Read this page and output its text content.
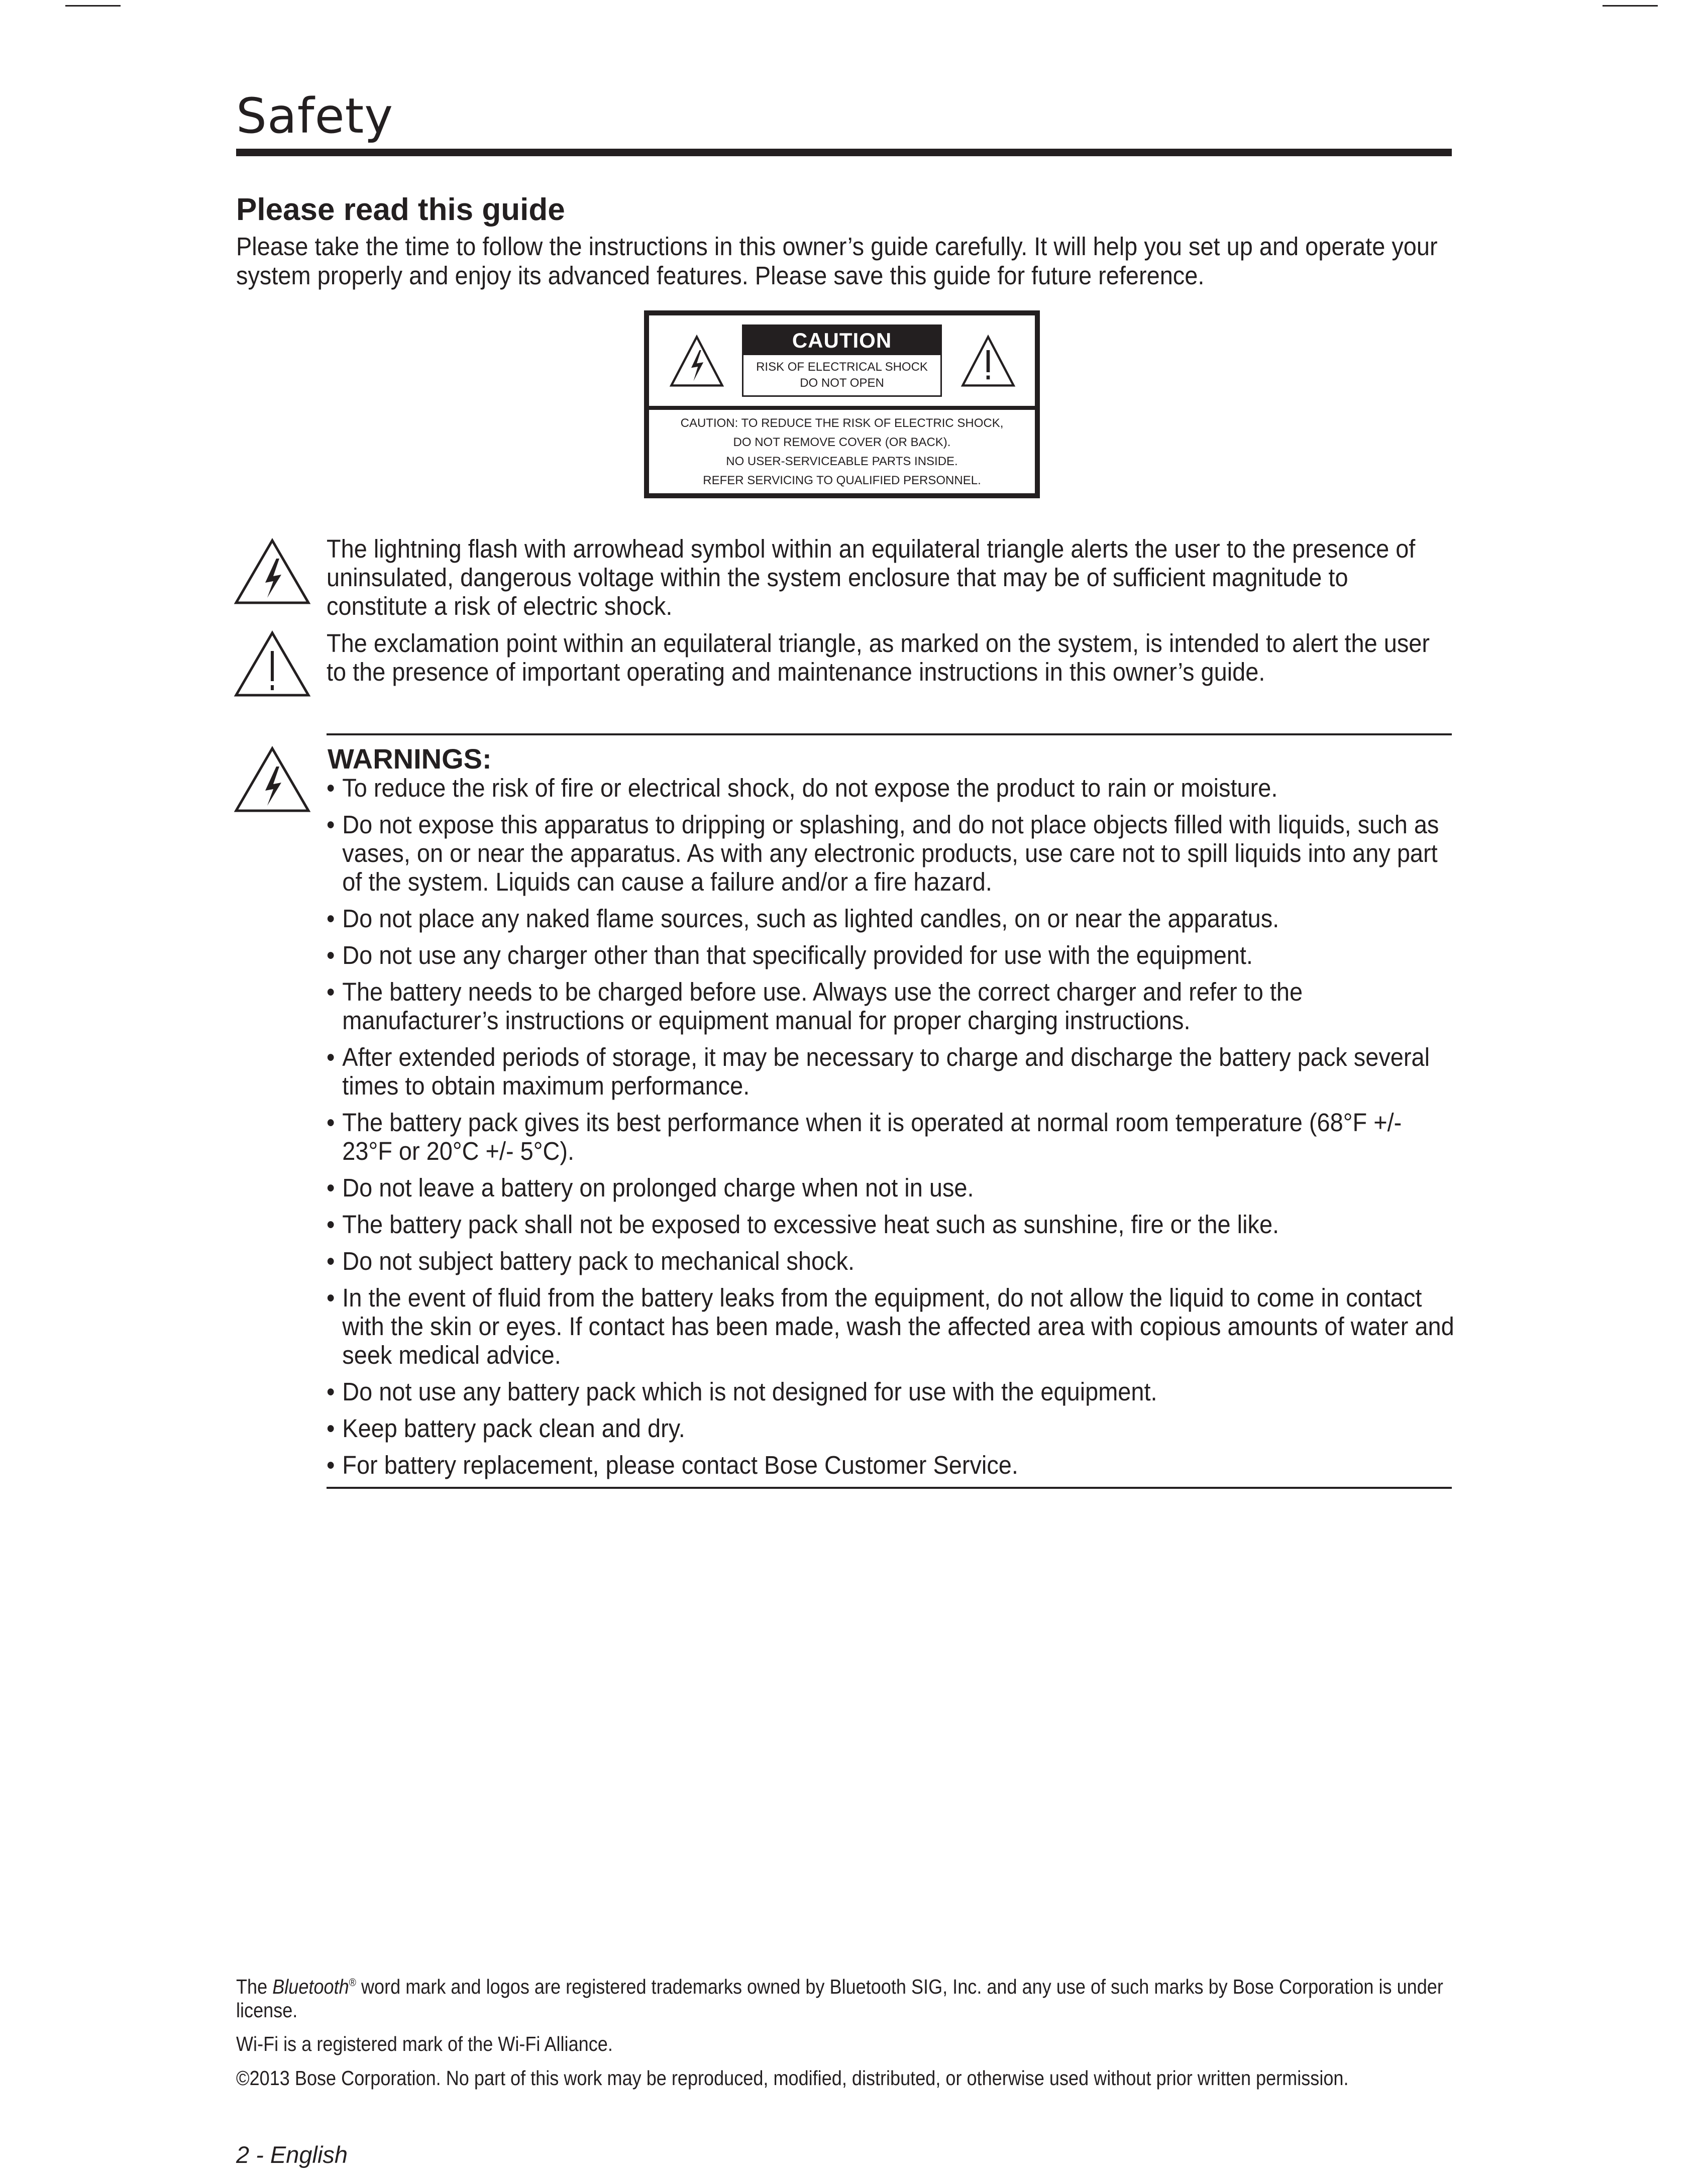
Safety
Please read this guide

Please take the time to follow the instructions in this owner’s guide carefully. It will help you set up and operate your system properly and enjoy its advanced features. Please save this guide for future reference.

CAUTION
RISK OF ELECTRICAL SHOCK
DO NOT OPEN
CAUTION: TO REDUCE THE RISK OF ELECTRIC SHOCK,
DO NOT REMOVE COVER (OR BACK).
NO USER-SERVICEABLE PARTS INSIDE.
REFER SERVICING TO QUALIFIED PERSONNEL.

The lightning flash with arrowhead symbol within an equilateral triangle alerts the user to the presence of uninsulated, dangerous voltage within the system enclosure that may be of sufficient magnitude to constitute a risk of electric shock.

The exclamation point within an equilateral triangle, as marked on the system, is intended to alert the user to the presence of important operating and maintenance instructions in this owner’s guide.

WARNINGS:
• To reduce the risk of fire or electrical shock, do not expose the product to rain or moisture.
• Do not expose this apparatus to dripping or splashing, and do not place objects filled with liquids, such as vases, on or near the apparatus. As with any electronic products, use care not to spill liquids into any part of the system. Liquids can cause a failure and/or a fire hazard.
• Do not place any naked flame sources, such as lighted candles, on or near the apparatus.
• Do not use any charger other than that specifically provided for use with the equipment.
• The battery needs to be charged before use. Always use the correct charger and refer to the manufacturer’s instructions or equipment manual for proper charging instructions.
• After extended periods of storage, it may be necessary to charge and discharge the battery pack several times to obtain maximum performance.
• The battery pack gives its best performance when it is operated at normal room temperature (68°F +/- 23°F or 20°C +/- 5°C).
• Do not leave a battery on prolonged charge when not in use.
• The battery pack shall not be exposed to excessive heat such as sunshine, fire or the like.
• Do not subject battery pack to mechanical shock.
• In the event of fluid from the battery leaks from the equipment, do not allow the liquid to come in contact with the skin or eyes. If contact has been made, wash the affected area with copious amounts of water and seek medical advice.
• Do not use any battery pack which is not designed for use with the equipment.
• Keep battery pack clean and dry.
• For battery replacement, please contact Bose Customer Service.

The Bluetooth® word mark and logos are registered trademarks owned by Bluetooth SIG, Inc. and any use of such marks by Bose Corporation is under license.

Wi-Fi is a registered mark of the Wi-Fi Alliance.

©2013 Bose Corporation. No part of this work may be reproduced, modified, distributed, or otherwise used without prior written permission.

2 - English
